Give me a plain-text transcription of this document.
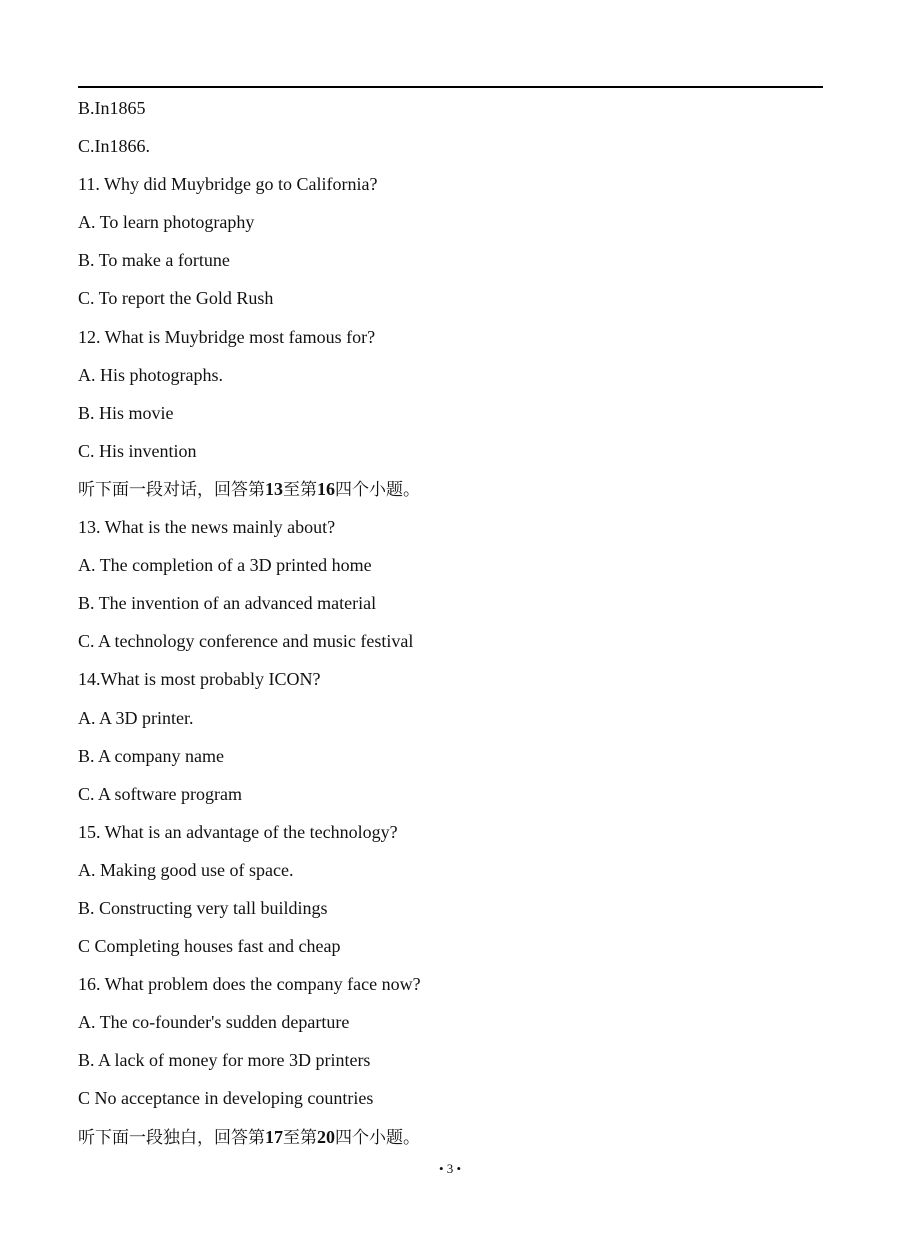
B.In1865
C.In1866.
11. Why did Muybridge go to California?
A. To learn photography
B. To make a fortune
C. To report the Gold Rush
12. What is Muybridge most famous for?
A. His photographs.
B. His movie
C. His invention
听下面一段对话，回答第13至第16四个小题。
13. What is the news mainly about?
A. The completion of a 3D printed home
B. The invention of an advanced material
C. A technology conference and music festival
14.What is most probably ICON?
A. A 3D printer.
B. A company name
C. A software program
15. What is an advantage of the technology?
A. Making good use of space.
B. Constructing very tall buildings
C Completing houses fast and cheap
16. What problem does the company face now?
A. The co-founder's sudden departure
B. A lack of money for more 3D printers
C No acceptance in developing countries
听下面一段独白，回答第17至第20四个小题。
• 3 •
